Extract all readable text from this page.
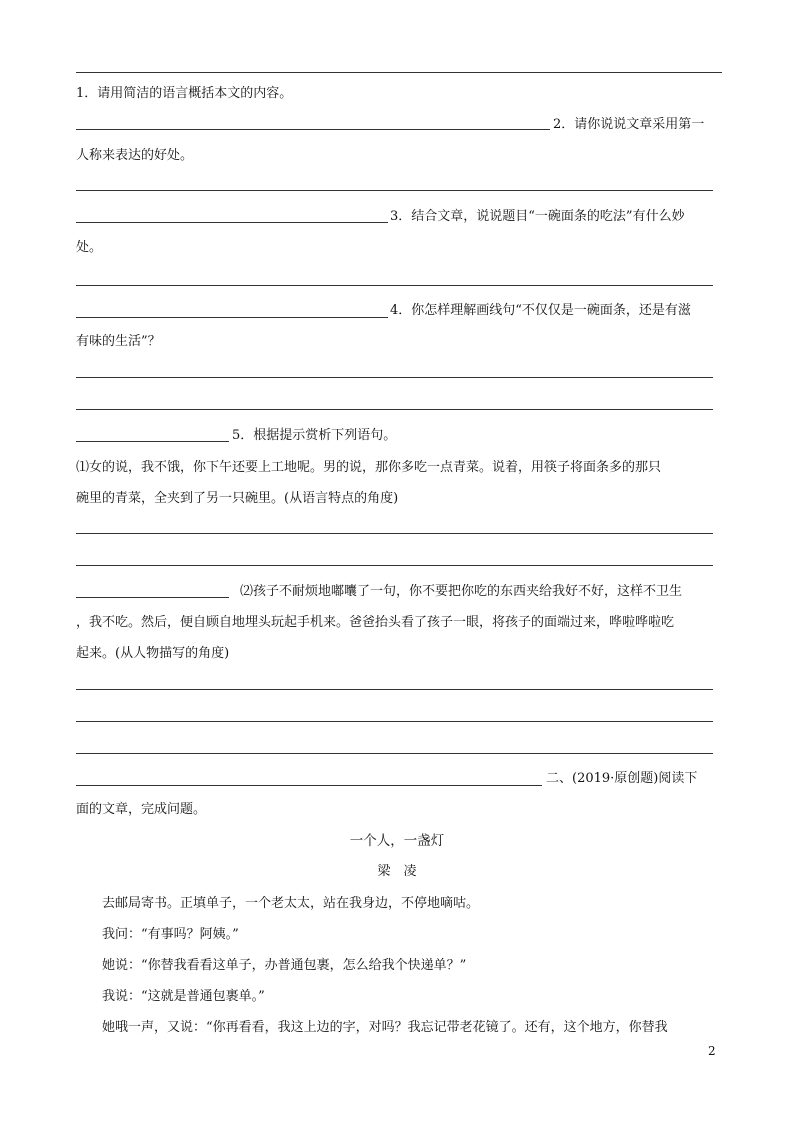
1．请用简洁的语言概括本文的内容。
2．请你说说文章采用第一
人称来表达的好处。
3．结合文章，说说题目“一碗面条的吃法”有什么妙
处。
4．你怎样理解画线句“不仅仅是一碗面条，还是有滋
有味的生活”？
5．根据提示赏析下列语句。
⑴女的说，我不饿，你下午还要上工地呢。男的说，那你多吃一点青菜。说着，用筷子将面条多的那只
碗里的青菜，全夹到了另一只碗里。(从语言特点的角度)
⑵孩子不耐烦地嘟囔了一句，你不要把你吃的东西夹给我好不好，这样不卫生
，我不吃。然后，便自顾自地埋头玩起手机来。爸爸抬头看了孩子一眼，将孩子的面端过来，哗啦哗啦吃
起来。(从人物描写的角度)
二、(2019·原创题)阅读下
面的文章，完成问题。
一个人，一盏灯
梁　凌
去邮局寄书。正填单子，一个老太太，站在我身边，不停地嘀咕。
我问：“有事吗？阿姨。”
她说：“你替我看看这单子，办普通包裹，怎么给我个快递单？”
我说：“这就是普通包裹单。”
她哦一声，又说：“你再看看，我这上边的字，对吗？我忘记带老花镜了。还有，这个地方，你替我
2
